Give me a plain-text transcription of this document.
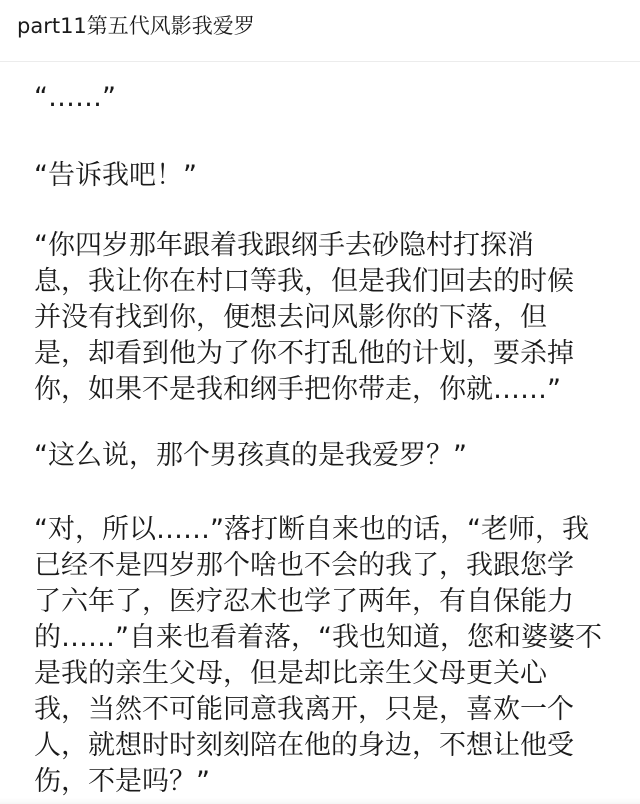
part11第五代风影我爱罗
“……”
“告诉我吧！”
“你四岁那年跟着我跟纲手去砂隐村打探消
息，我让你在村口等我，但是我们回去的时候
并没有找到你，便想去问风影你的下落，但
是，却看到他为了你不打乱他的计划，要杀掉
你，如果不是我和纲手把你带走，你就……”
“这么说，那个男孩真的是我爱罗？”
“对，所以……”落打断自来也的话，“老师，我
已经不是四岁那个啥也不会的我了，我跟您学
了六年了，医疗忍术也学了两年，有自保能力
的……”自来也看着落，“我也知道，您和婆婆不
是我的亲生父母，但是却比亲生父母更关心
我，当然不可能同意我离开，只是，喜欢一个
人，就想时时刻刻陪在他的身边，不想让他受
伤，不是吗？”
